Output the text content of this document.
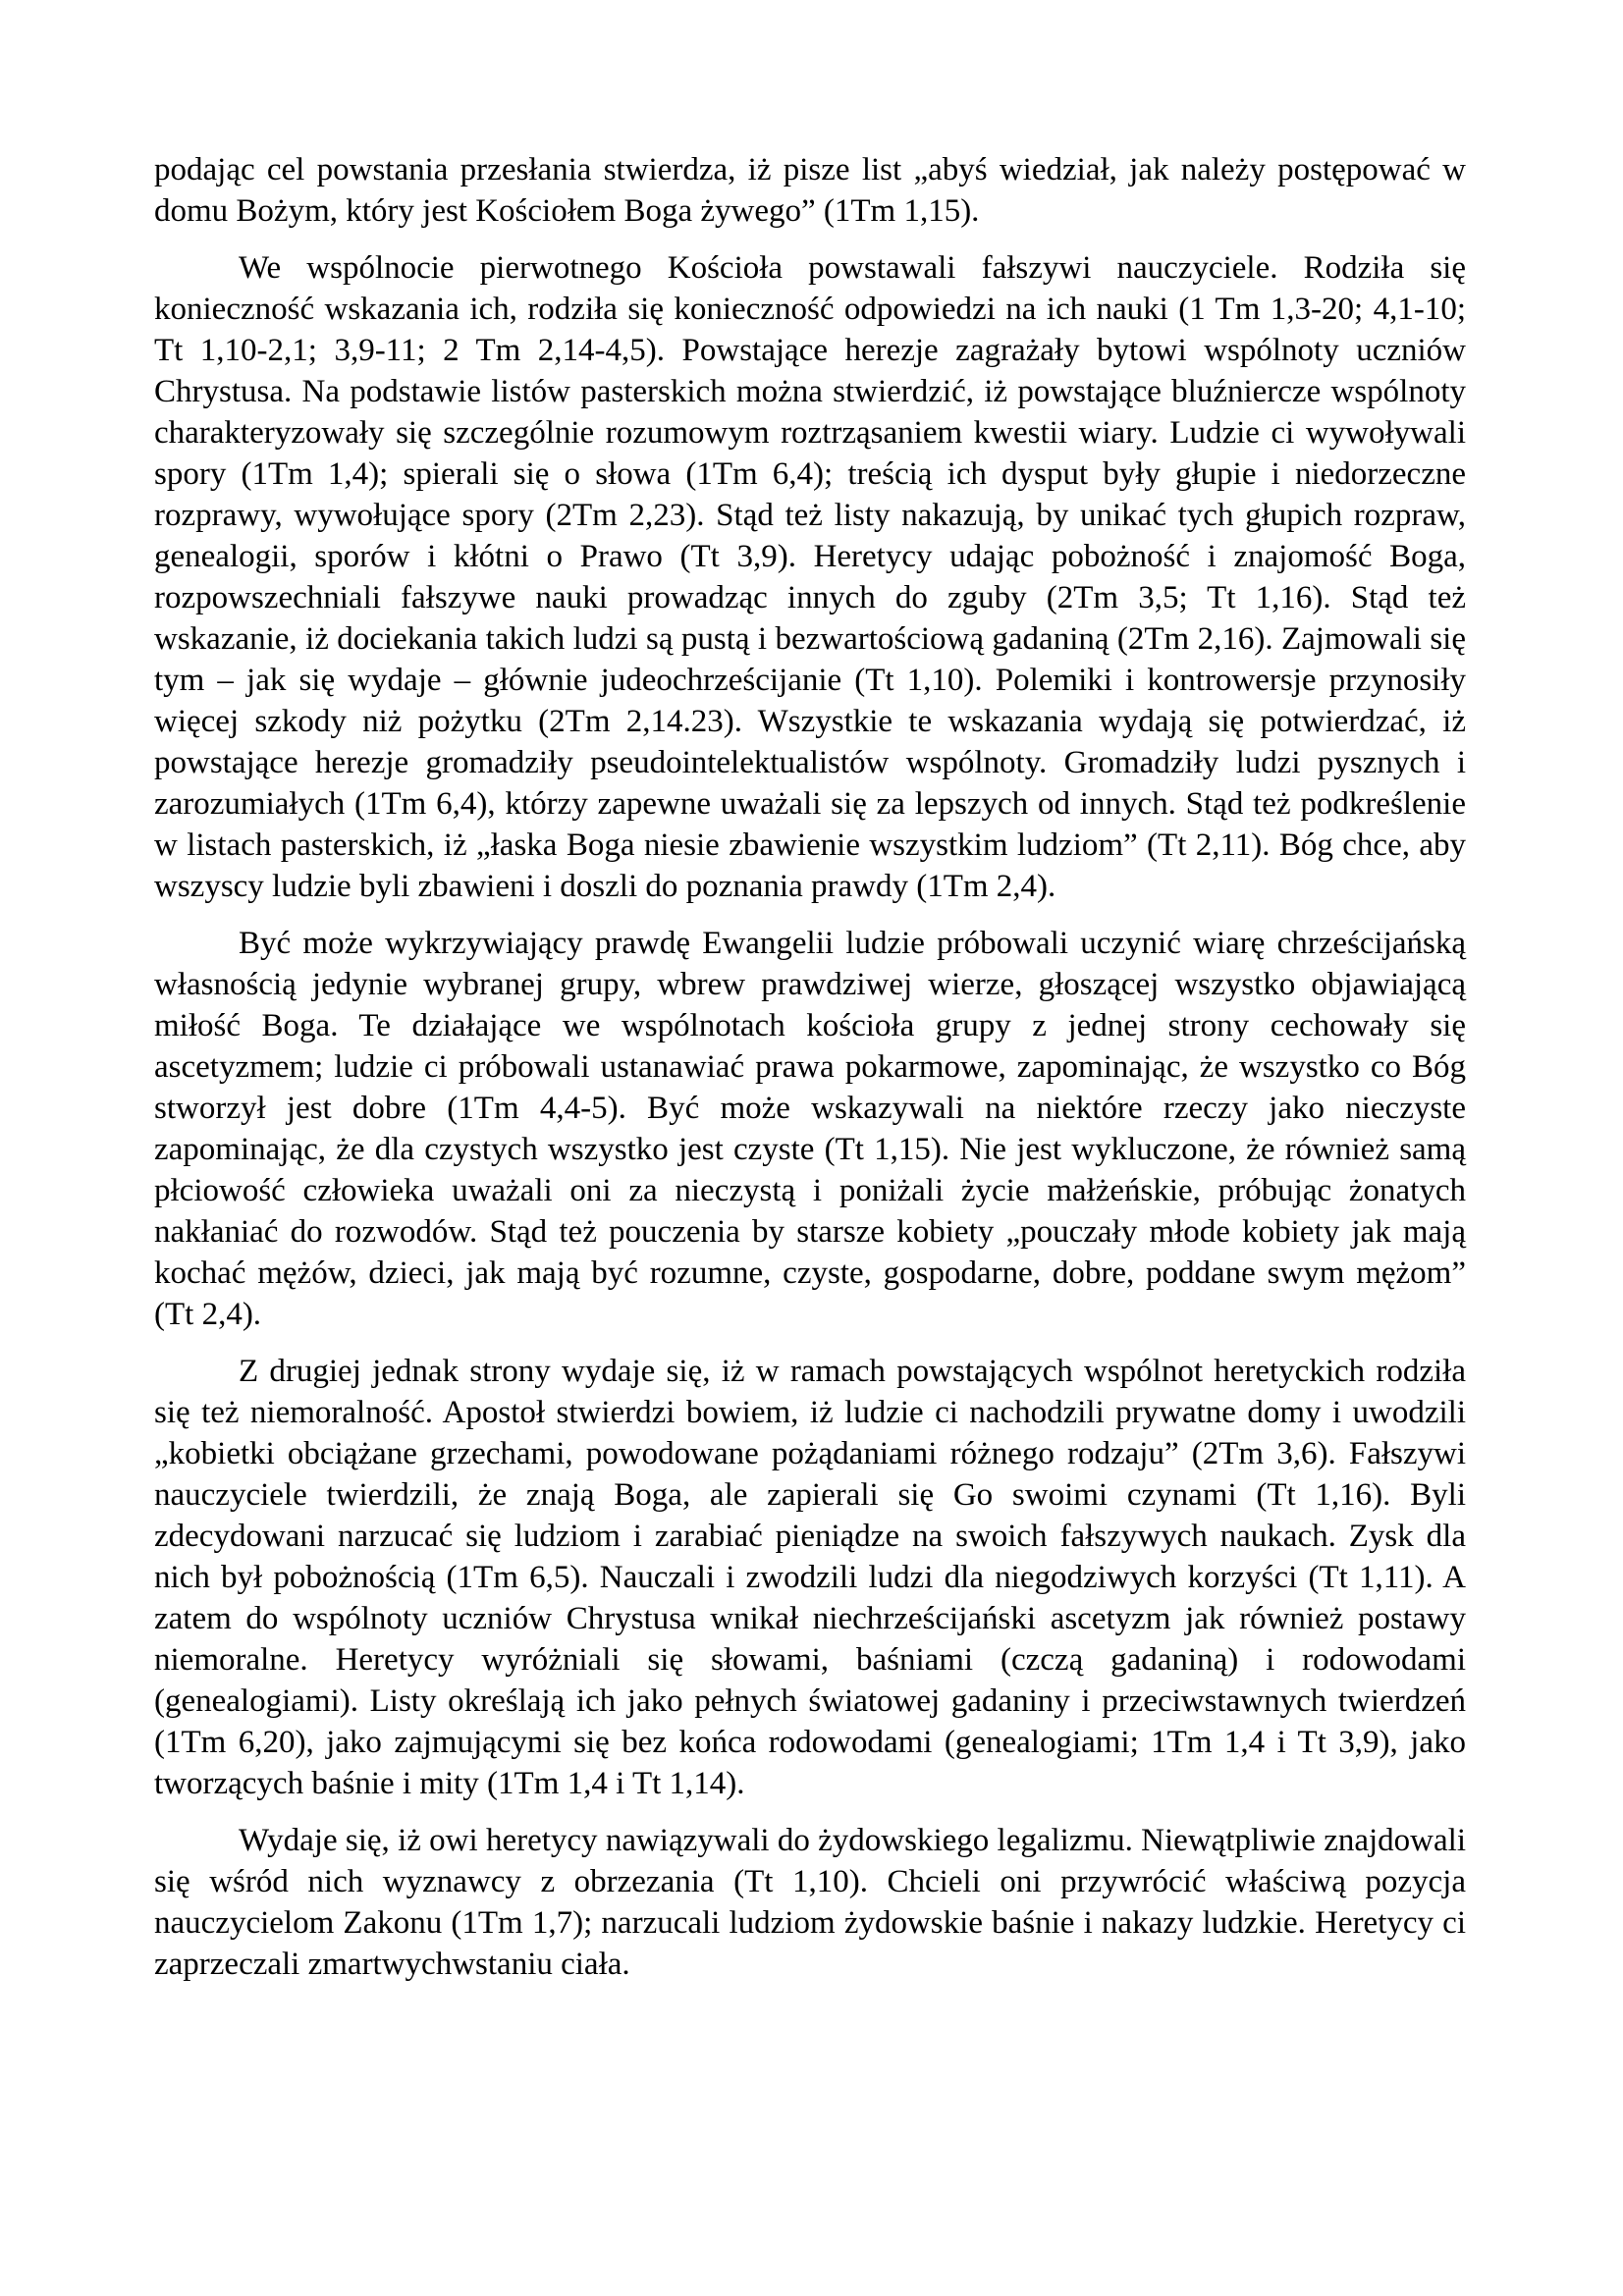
podając cel powstania przesłania stwierdza, iż pisze list „abyś wiedział, jak należy postępować w domu Bożym, który jest Kościołem Boga żywego” (1Tm 1,15).

We wspólnocie pierwotnego Kościoła powstawali fałszywi nauczyciele. Rodziła się konieczność wskazania ich, rodziła się konieczność odpowiedzi na ich nauki (1 Tm 1,3-20; 4,1-10; Tt 1,10-2,1; 3,9-11; 2 Tm 2,14-4,5). Powstające herezje zagrażały bytowi wspólnoty uczniów Chrystusa. Na podstawie listów pasterskich można stwierdzić, iż powstające bluźniercze wspólnoty charakteryzowały się szczególnie rozumowym roztrząsaniem kwestii wiary. Ludzie ci wywoływali spory (1Tm 1,4); spierali się o słowa (1Tm 6,4); treścią ich dysput były głupie i niedorzeczne rozprawy, wywołujące spory (2Tm 2,23). Stąd też listy nakazują, by unikać tych głupich rozpraw, genealogii, sporów i kłótni o Prawo (Tt 3,9). Heretycy udając pobożność i znajomość Boga, rozpowszechniali fałszywe nauki prowadząc innych do zguby (2Tm 3,5; Tt 1,16). Stąd też wskazanie, iż dociekania takich ludzi są pustą i bezwartościową gadaniną (2Tm 2,16). Zajmowali się tym – jak się wydaje – głównie judeochrześcijanie (Tt 1,10). Polemiki i kontrowersje przynosiły więcej szkody niż pożytku (2Tm 2,14.23). Wszystkie te wskazania wydają się potwierdzać, iż powstające herezje gromadziły pseudointelektualistów wspólnoty. Gromadziły ludzi pysznych i zarozumiałych (1Tm 6,4), którzy zapewne uważali się za lepszych od innych. Stąd też podkreślenie w listach pasterskich, iż „łaska Boga niesie zbawienie wszystkim ludziom” (Tt 2,11). Bóg chce, aby wszyscy ludzie byli zbawieni i doszli do poznania prawdy (1Tm 2,4).

Być może wykrzywiający prawdę Ewangelii ludzie próbowali uczynić wiarę chrześcijańską własnością jedynie wybranej grupy, wbrew prawdziwej wierze, głoszącej wszystko objawiającą miłość Boga. Te działające we wspólnotach kościoła grupy z jednej strony cechowały się ascetyzmem; ludzie ci próbowali ustanawiać prawa pokarmowe, zapominając, że wszystko co Bóg stworzył jest dobre (1Tm 4,4-5). Być może wskazywali na niektóre rzeczy jako nieczyste zapominając, że dla czystych wszystko jest czyste (Tt 1,15). Nie jest wykluczone, że również samą płciowość człowieka uważali oni za nieczystą i poniżali życie małżeńskie, próbując żonatych nakłaniać do rozwodów. Stąd też pouczenia by starsze kobiety „pouczały młode kobiety jak mają kochać mężów, dzieci, jak mają być rozumne, czyste, gospodarne, dobre, poddane swym mężom” (Tt 2,4).

Z drugiej jednak strony wydaje się, iż w ramach powstających wspólnot heretyckich rodziła się też niemoralność. Apostoł stwierdzi bowiem, iż ludzie ci nachodzili prywatne domy i uwodzili „kobietki obciążane grzechami, powodowane pożądaniami różnego rodzaju” (2Tm 3,6). Fałszywi nauczyciele twierdzili, że znają Boga, ale zapierali się Go swoimi czynami (Tt 1,16). Byli zdecydowani narzucać się ludziom i zarabiać pieniądze na swoich fałszywych naukach. Zysk dla nich był pobożnością (1Tm 6,5). Nauczali i zwodzili ludzi dla niegodziwych korzyści (Tt 1,11). A zatem do wspólnoty uczniów Chrystusa wnikał niechrześcijański ascetyzm jak również postawy niemoralne. Heretycy wyróżniali się słowami, baśniami (czczą gadaniną) i rodowodami (genealogiami). Listy określają ich jako pełnych światowej gadaniny i przeciwstawnych twierdzeń (1Tm 6,20), jako zajmującymi się bez końca rodowodami (genealogiami; 1Tm 1,4 i Tt 3,9), jako tworzących baśnie i mity (1Tm 1,4 i Tt 1,14).

Wydaje się, iż owi heretycy nawiązywali do żydowskiego legalizmu. Niewątpliwie znajdowali się wśród nich wyznawcy z obrzezania (Tt 1,10). Chcieli oni przywrócić właściwą pozycja nauczycielom Zakonu (1Tm 1,7); narzucali ludziom żydowskie baśnie i nakazy ludzkie. Heretycy ci zaprzeczali zmartwychwstaniu ciała.
